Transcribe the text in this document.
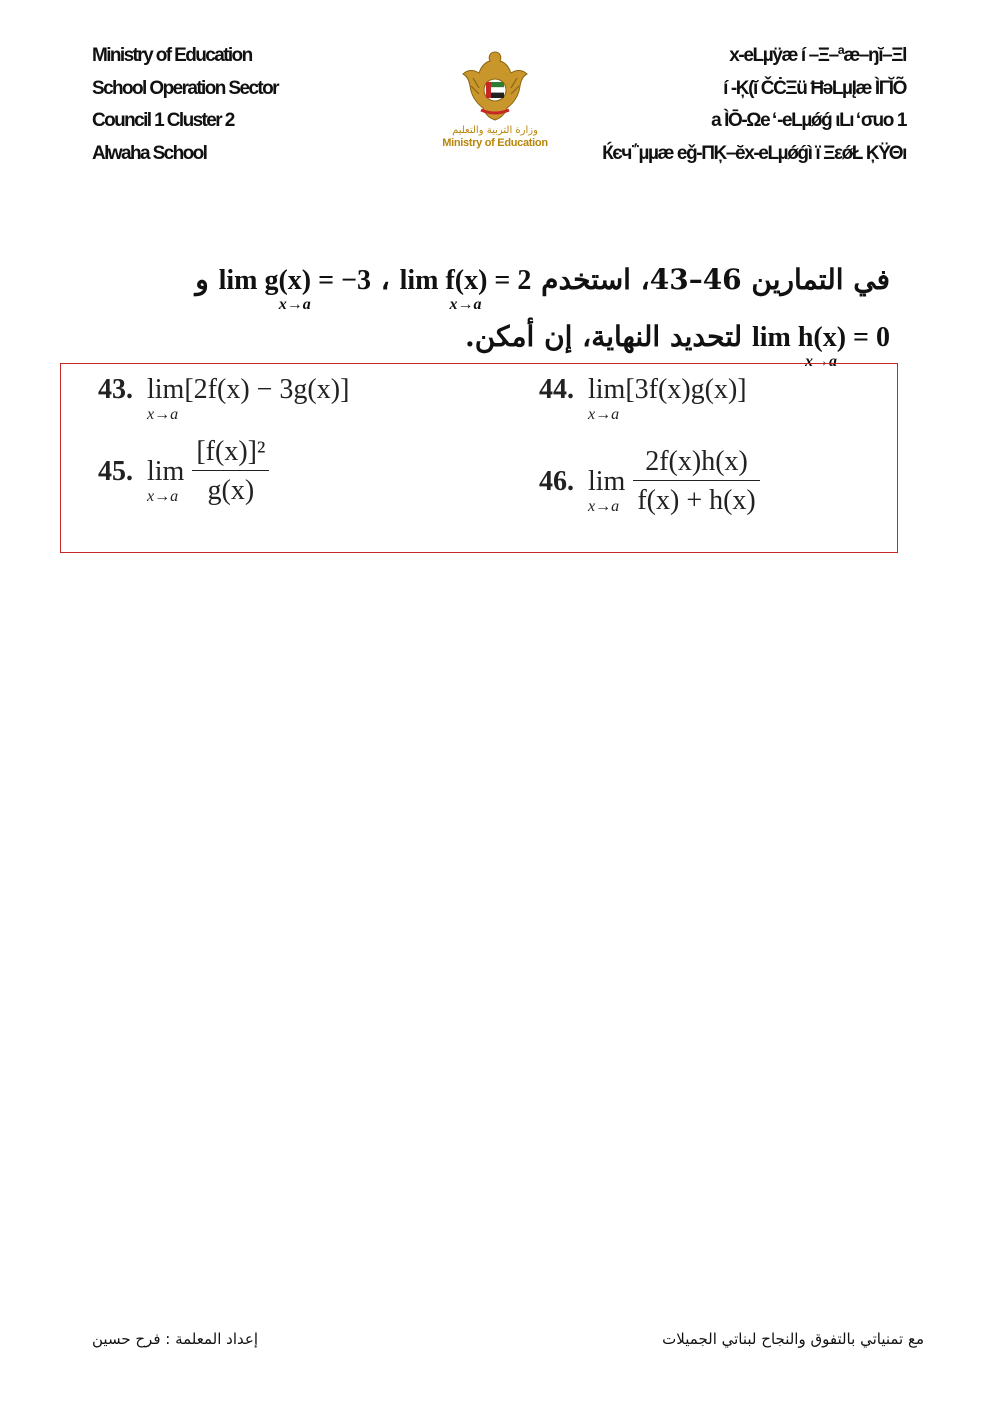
Ministry of Education
School Operation Sector
Council 1 Cluster 2
Alwaha School
وزارة التربية والتعليم
Ministry of Education
x-eLµÿæ í –Ξ–ªæ–ŋĭ–Ξl
í -Ķ(ĭ ČĊΞü ĦəLµĮæ ÌΓĬÕ
1 a ÌŌ-Ωe ̒ -eLµǿǵ ιLı ̒ σuo
Ќєч΅µµæ eǧ-ΠĶ–ĕx-eLµǿǵì ï ΞεǿŁ ĶΫΘı
في التمارين 46–43، استخدم lim f(x) = 2
x→a
، lim g(x) = −3
x→a
و
lim h(x) = 0
x→a
لتحديد النهاية، إن أمكن.
43. lim
x→a
[2f(x) − 3g(x)]	44. lim
x→a
[3f(x)g(x)]
45. lim
$x\to a \frac{\text{[f(x)]²}}{g(x)}$	46. lim
$x\to a \frac{2f(x)h(x)}{f(x) + h(x)}$
إعداد المعلمة : فرح حسين	مع تمنياتي بالتفوق والنجاح لبناتي الجميلات
